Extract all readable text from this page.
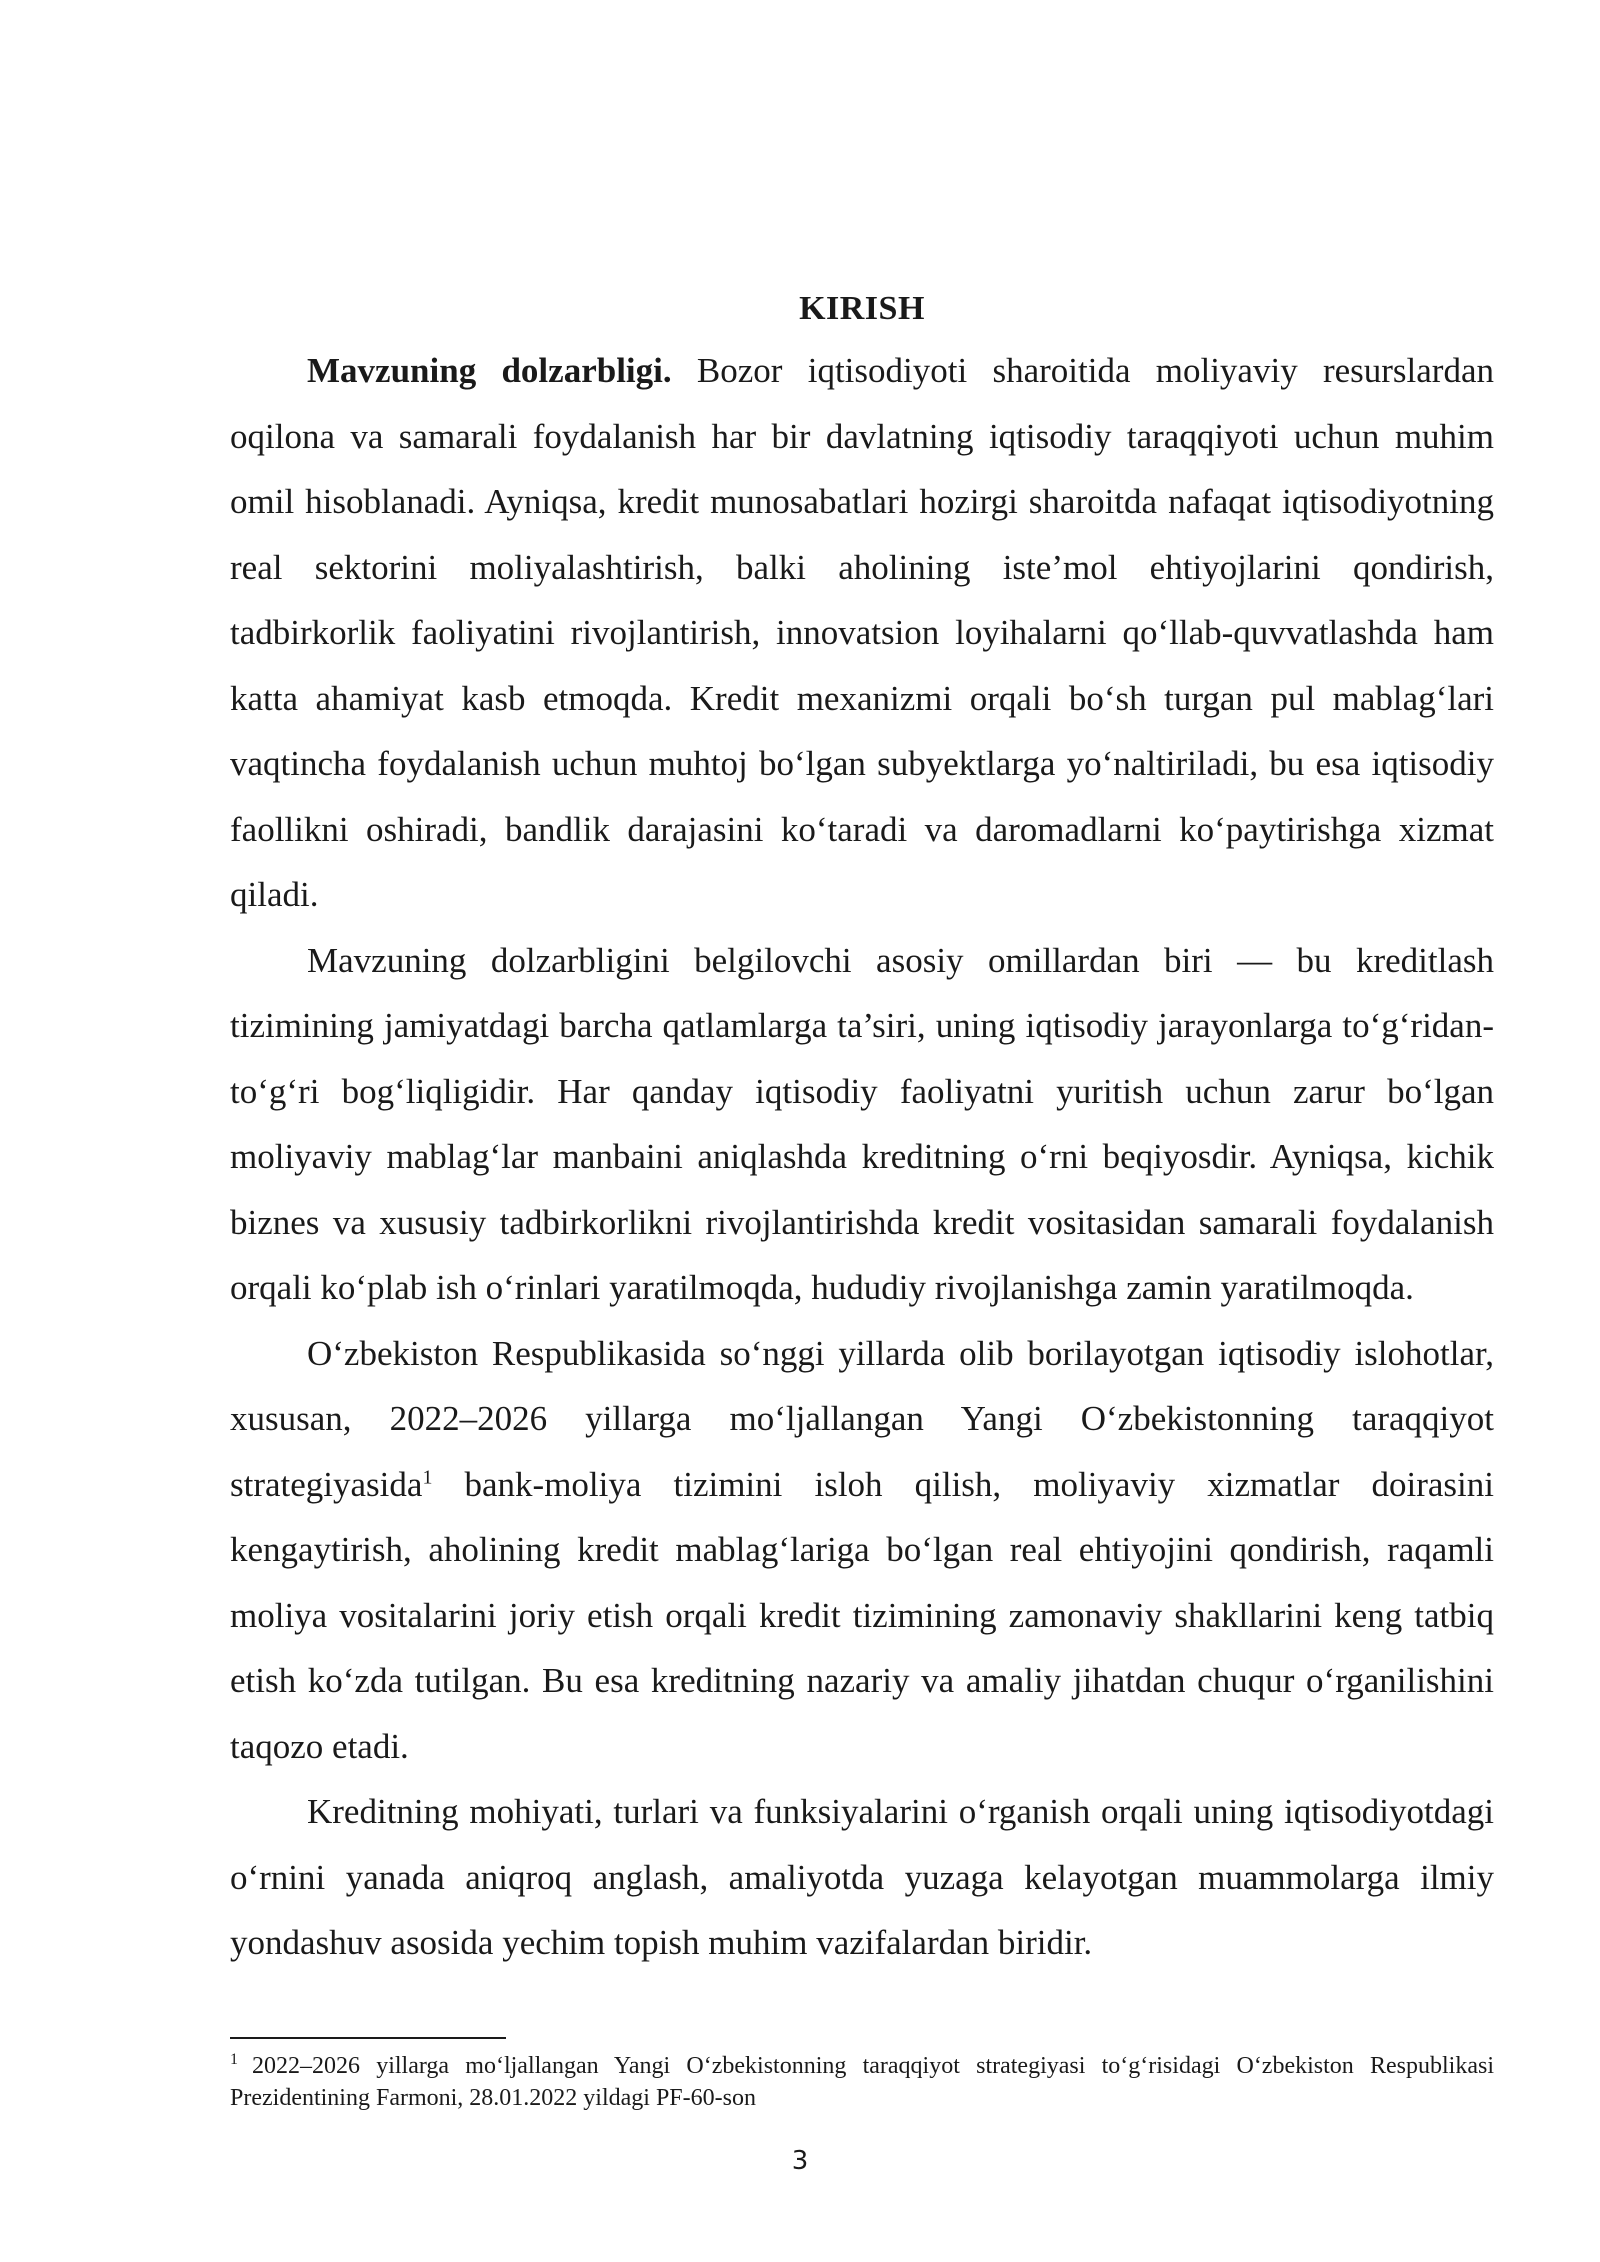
KIRISH

Mavzuning dolzarbligi. Bozor iqtisodiyoti sharoitida moliyaviy resurslardan oqilona va samarali foydalanish har bir davlatning iqtisodiy taraqqiyoti uchun muhim omil hisoblanadi. Ayniqsa, kredit munosabatlari hozirgi sharoitda nafaqat iqtisodiyotning real sektorini moliyalashtirish, balki aholining iste’mol ehtiyojlarini qondirish, tadbirkorlik faoliyatini rivojlantirish, innovatsion loyihalarni qo‘llab-quvvatlashda ham katta ahamiyat kasb etmoqda. Kredit mexanizmi orqali bo‘sh turgan pul mablag‘lari vaqtincha foydalanish uchun muhtoj bo‘lgan subyektlarga yo‘naltiriladi, bu esa iqtisodiy faollikni oshiradi, bandlik darajasini ko‘taradi va daromadlarni ko‘paytirishga xizmat qiladi.

Mavzuning dolzarbligini belgilovchi asosiy omillardan biri — bu kreditlash tizimining jamiyatdagi barcha qatlamlarga ta’siri, uning iqtisodiy jarayonlarga to‘g‘ridan-to‘g‘ri bog‘liqligidir. Har qanday iqtisodiy faoliyatni yuritish uchun zarur bo‘lgan moliyaviy mablag‘lar manbaini aniqlashda kreditning o‘rni beqiyosdir. Ayniqsa, kichik biznes va xususiy tadbirkorlikni rivojlantirishda kredit vositasidan samarali foydalanish orqali ko‘plab ish o‘rinlari yaratilmoqda, hududiy rivojlanishga zamin yaratilmoqda.

O‘zbekiston Respublikasida so‘nggi yillarda olib borilayotgan iqtisodiy islohotlar, xususan, 2022–2026 yillarga mo‘ljallangan Yangi O‘zbekistonning taraqqiyot strategiyasida$^1$ bank-moliya tizimini isloh qilish, moliyaviy xizmatlar doirasini kengaytirish, aholining kredit mablag‘lariga bo‘lgan real ehtiyojini qondirish, raqamli moliya vositalarini joriy etish orqali kredit tizimining zamonaviy shakllarini keng tatbiq etish ko‘zda tutilgan. Bu esa kreditning nazariy va amaliy jihatdan chuqur o‘rganilishini taqozo etadi.

Kreditning mohiyati, turlari va funksiyalarini o‘rganish orqali uning iqtisodiyotdagi o‘rnini yanada aniqroq anglash, amaliyotda yuzaga kelayotgan muammolarga ilmiy yondashuv asosida yechim topish muhim vazifalardan biridir.

$^1$ 2022–2026 yillarga mo‘ljallangan Yangi O‘zbekistonning taraqqiyot strategiyasi to‘g‘risidagi O‘zbekiston Respublikasi Prezidentining Farmoni, 28.01.2022 yildagi PF-60-son

3
